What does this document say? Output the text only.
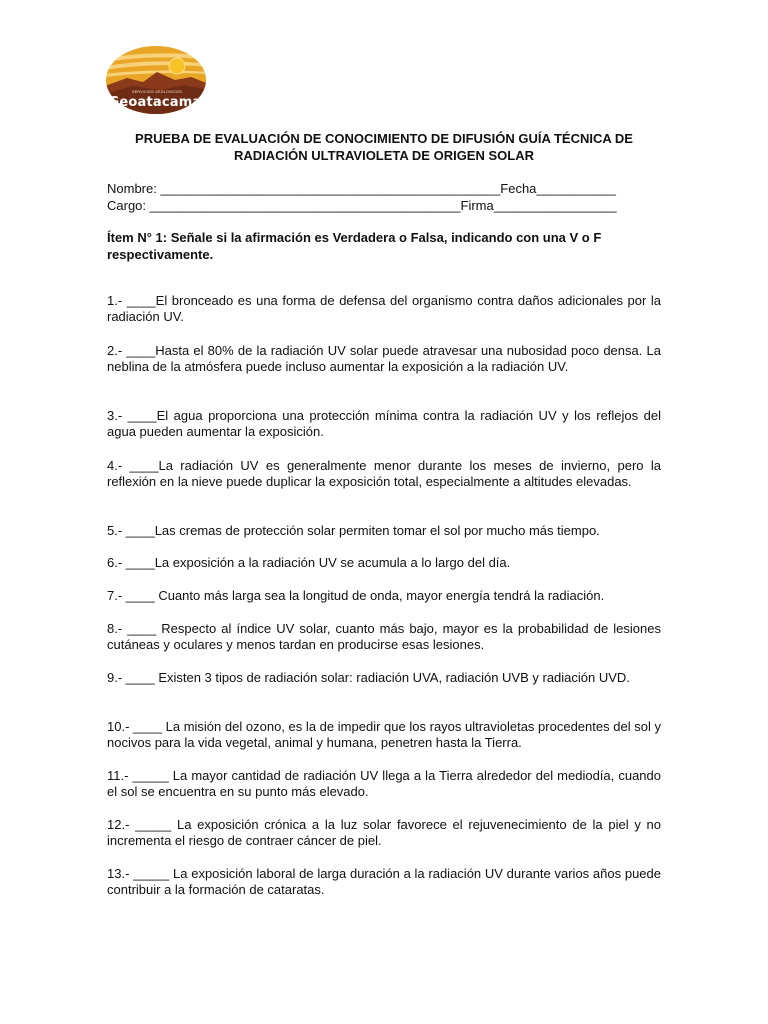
SERVICIOS GEOLOGICOS
Geoatacama
PRUEBA DE EVALUACIÓN DE CONOCIMIENTO DE DIFUSIÓN GUÍA TÉCNICA DE
RADIACIÓN ULTRAVIOLETA DE ORIGEN SOLAR
Nombre: _______________________________________________Fecha___________
Cargo: ___________________________________________Firma_________________
Ítem N° 1: Señale si la afirmación es Verdadera o Falsa, indicando con una V o F respectivamente.
1.- ____El bronceado es una forma de defensa del organismo contra daños adicionales por la radiación UV.
2.- ____Hasta el 80% de la radiación UV solar puede atravesar una nubosidad poco densa. La neblina de la atmósfera puede incluso aumentar la exposición a la radiación UV.
3.- ____El agua proporciona una protección mínima contra la radiación UV y los reflejos del agua pueden aumentar la exposición.
4.- ____La radiación UV es generalmente menor durante los meses de invierno, pero la reflexión en la nieve puede duplicar la exposición total, especialmente a altitudes elevadas.
5.- ____Las cremas de protección solar permiten tomar el sol por mucho más tiempo.
6.- ____La exposición a la radiación UV se acumula a lo largo del día.
7.- ____ Cuanto más larga sea la longitud de onda, mayor energía tendrá la radiación.
8.- ____ Respecto al índice UV solar, cuanto más bajo, mayor es la probabilidad de lesiones cutáneas y oculares y menos tardan en producirse esas lesiones.
9.- ____ Existen 3 tipos de radiación solar: radiación UVA, radiación UVB y radiación UVD.
10.- ____ La misión del ozono, es la de impedir que los rayos ultravioletas procedentes del sol y nocivos para la vida vegetal, animal y humana, penetren hasta la Tierra.
11.- _____ La mayor cantidad de radiación UV llega a la Tierra alrededor del mediodía, cuando el sol se encuentra en su punto más elevado.
12.- _____ La exposición crónica a la luz solar favorece el rejuvenecimiento de la piel y no incrementa el riesgo de contraer cáncer de piel.
13.- _____ La exposición laboral de larga duración a la radiación UV durante varios años puede contribuir a la formación de cataratas.
